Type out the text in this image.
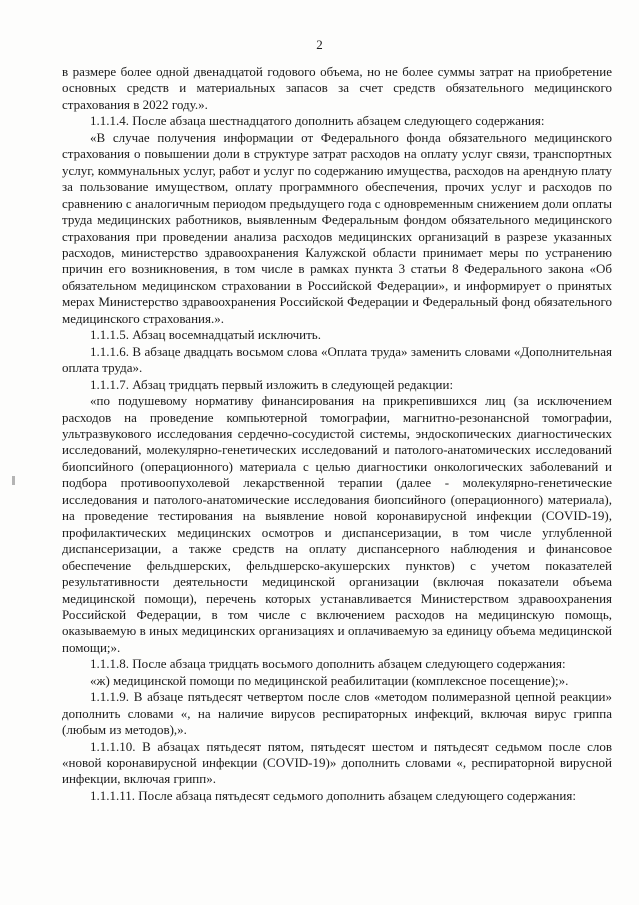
2

в размере более одной двенадцатой годового объема, но не более суммы затрат на приобретение основных средств и материальных запасов за счет средств обязательного медицинского страхования в 2022 году.».

1.1.1.4. После абзаца шестнадцатого дополнить абзацем следующего содержания:

«В случае получения информации от Федерального фонда обязательного медицинского страхования о повышении доли в структуре затрат расходов на оплату услуг связи, транспортных услуг, коммунальных услуг, работ и услуг по содержанию имущества, расходов на арендную плату за пользование имуществом, оплату программного обеспечения, прочих услуг и расходов по сравнению с аналогичным периодом предыдущего года с одновременным снижением доли оплаты труда медицинских работников, выявленным Федеральным фондом обязательного медицинского страхования при проведении анализа расходов медицинских организаций в разрезе указанных расходов, министерство здравоохранения Калужской области принимает меры по устранению причин его возникновения, в том числе в рамках пункта 3 статьи 8 Федерального закона «Об обязательном медицинском страховании в Российской Федерации», и информирует о принятых мерах Министерство здравоохранения Российской Федерации и Федеральный фонд обязательного медицинского страхования.».

1.1.1.5. Абзац восемнадцатый исключить.

1.1.1.6. В абзаце двадцать восьмом слова «Оплата труда» заменить словами «Дополнительная оплата труда».

1.1.1.7. Абзац тридцать первый изложить в следующей редакции:

«по подушевому нормативу финансирования на прикрепившихся лиц (за исключением расходов на проведение компьютерной томографии, магнитно-резонансной томографии, ультразвукового исследования сердечно-сосудистой системы, эндоскопических диагностических исследований, молекулярно-генетических исследований и патолого-анатомических исследований биопсийного (операционного) материала с целью диагностики онкологических заболеваний и подбора противоопухолевой лекарственной терапии (далее - молекулярно-генетические исследования и патолого-анатомические исследования биопсийного (операционного) материала), на проведение тестирования на выявление новой коронавирусной инфекции (COVID-19), профилактических медицинских осмотров и диспансеризации, в том числе углубленной диспансеризации, а также средств на оплату диспансерного наблюдения и финансовое обеспечение фельдшерских, фельдшерско-акушерских пунктов) с учетом показателей результативности деятельности медицинской организации (включая показатели объема медицинской помощи), перечень которых устанавливается Министерством здравоохранения Российской Федерации, в том числе с включением расходов на медицинскую помощь, оказываемую в иных медицинских организациях и оплачиваемую за единицу объема медицинской помощи;».

1.1.1.8. После абзаца тридцать восьмого дополнить абзацем следующего содержания:

«ж) медицинской помощи по медицинской реабилитации (комплексное посещение);».

1.1.1.9. В абзаце пятьдесят четвертом после слов «методом полимеразной цепной реакции» дополнить словами «, на наличие вирусов респираторных инфекций, включая вирус гриппа (любым из методов),».

1.1.1.10. В абзацах пятьдесят пятом, пятьдесят шестом и пятьдесят седьмом после слов «новой коронавирусной инфекции (COVID-19)» дополнить словами «, респираторной вирусной инфекции, включая грипп».

1.1.1.11. После абзаца пятьдесят седьмого дополнить абзацем следующего содержания:
